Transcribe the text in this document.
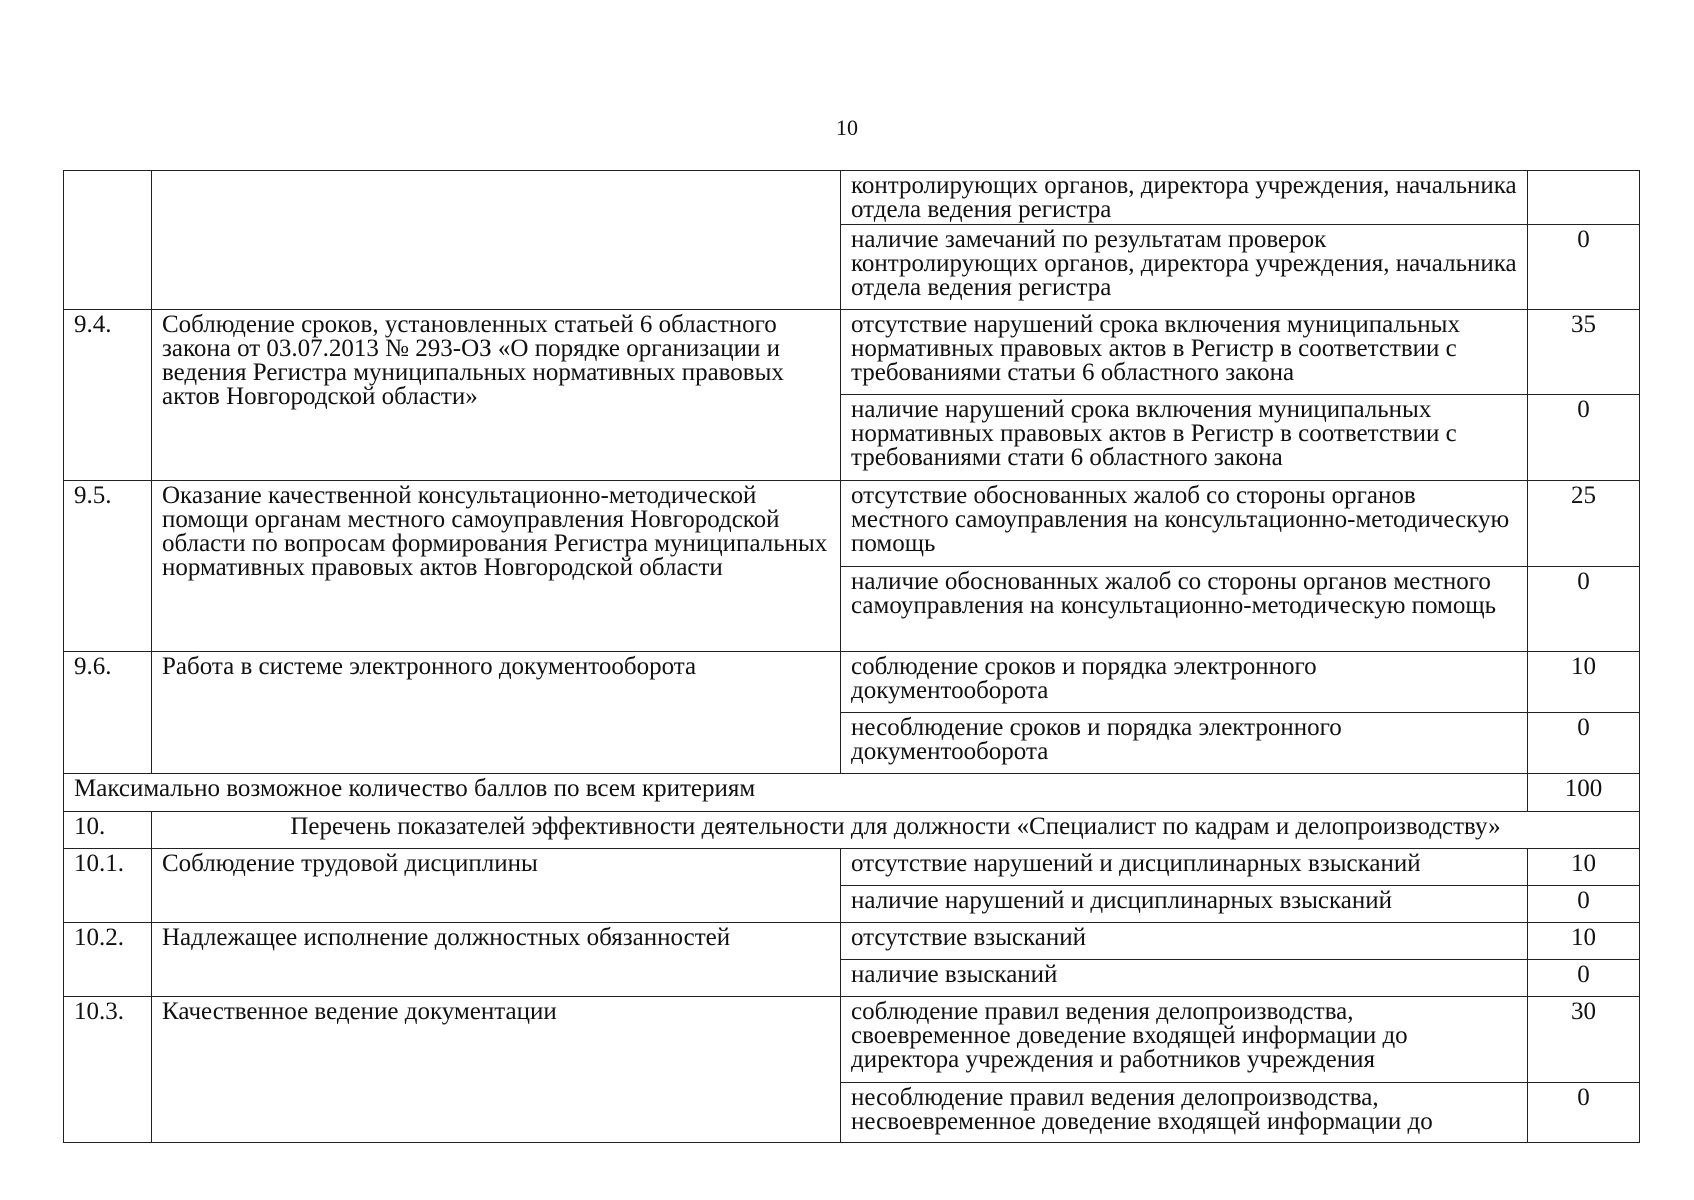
10
		контролирующих органов, директора учреждения, начальника отдела ведения регистра	
		наличие замечаний по результатам проверок контролирующих органов, директора учреждения, начальника отдела ведения регистра	0
9.4.	Соблюдение сроков, установленных статьей 6 областного закона от 03.07.2013 № 293-ОЗ «О порядке организации и ведения Регистра муниципальных нормативных правовых актов Новгородской области»	отсутствие нарушений срока включения муниципальных нормативных правовых актов в Регистр в соответствии с требованиями статьи 6 областного закона	35
		наличие нарушений срока включения муниципальных нормативных правовых актов в Регистр в соответствии с требованиями стати 6 областного закона	0
9.5.	Оказание качественной консультационно-методической помощи органам местного самоуправления Новгородской области по вопросам формирования Регистра муниципальных нормативных правовых актов Новгородской области	отсутствие обоснованных жалоб со стороны органов местного самоуправления на консультационно-методическую помощь	25
		наличие обоснованных жалоб со стороны органов местного самоуправления на консультационно-методическую помощь	0
9.6.	Работа в системе электронного документооборота	соблюдение сроков и порядка электронного документооборота	10
		несоблюдение сроков и порядка электронного документооборота	0
Максимально возможное количество баллов по всем критериям			100
10.	Перечень показателей эффективности деятельности для должности «Специалист по кадрам и делопроизводству»		
10.1.	Соблюдение трудовой дисциплины	отсутствие нарушений и дисциплинарных взысканий	10
		наличие нарушений и дисциплинарных взысканий	0
10.2.	Надлежащее исполнение должностных обязанностей	отсутствие взысканий	10
		наличие взысканий	0
10.3.	Качественное ведение документации	соблюдение правил ведения делопроизводства, своевременное доведение входящей информации до директора учреждения и работников учреждения	30
		несоблюдение правил ведения делопроизводства, несвоевременное доведение входящей информации до	0
